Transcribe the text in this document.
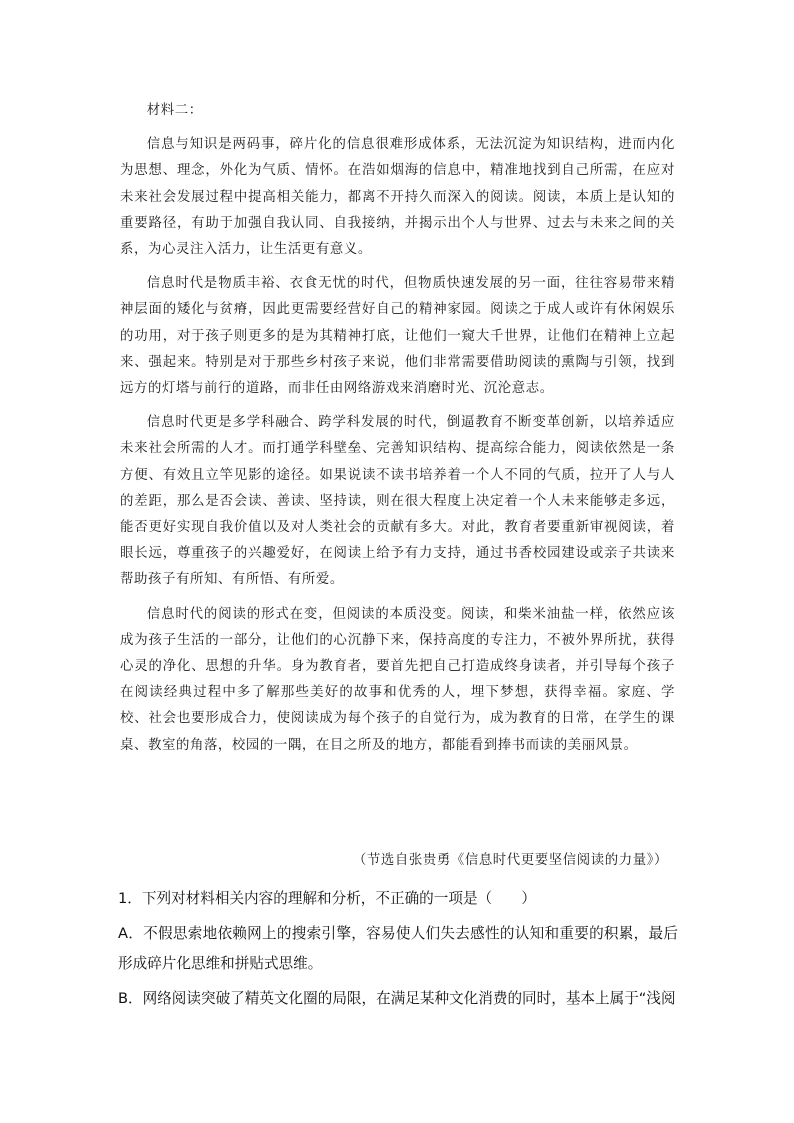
材料二：

信息与知识是两码事，碎片化的信息很难形成体系，无法沉淀为知识结构，进而内化为思想、理念，外化为气质、情怀。在浩如烟海的信息中，精准地找到自己所需，在应对未来社会发展过程中提高相关能力，都离不开持久而深入的阅读。阅读，本质上是认知的重要路径，有助于加强自我认同、自我接纳，并揭示出个人与世界、过去与未来之间的关系，为心灵注入活力，让生活更有意义。

信息时代是物质丰裕、衣食无忧的时代，但物质快速发展的另一面，往往容易带来精神层面的矮化与贫瘠，因此更需要经营好自己的精神家园。阅读之于成人或许有休闲娱乐的功用，对于孩子则更多的是为其精神打底，让他们一窥大千世界，让他们在精神上立起来、强起来。特别是对于那些乡村孩子来说，他们非常需要借助阅读的熏陶与引领，找到远方的灯塔与前行的道路，而非任由网络游戏来消磨时光、沉沦意志。

信息时代更是多学科融合、跨学科发展的时代，倒逼教育不断变革创新，以培养适应未来社会所需的人才。而打通学科壁垒、完善知识结构、提高综合能力，阅读依然是一条方便、有效且立竿见影的途径。如果说读不读书培养着一个人不同的气质，拉开了人与人的差距，那么是否会读、善读、坚持读，则在很大程度上决定着一个人未来能够走多远，能否更好实现自我价值以及对人类社会的贡献有多大。对此，教育者要重新审视阅读，着眼长远，尊重孩子的兴趣爱好，在阅读上给予有力支持，通过书香校园建设或亲子共读来帮助孩子有所知、有所悟、有所爱。

信息时代的阅读的形式在变，但阅读的本质没变。阅读，和柴米油盐一样，依然应该成为孩子生活的一部分，让他们的心沉静下来，保持高度的专注力，不被外界所扰，获得心灵的净化、思想的升华。身为教育者，要首先把自己打造成终身读者，并引导每个孩子在阅读经典过程中多了解那些美好的故事和优秀的人，埋下梦想，获得幸福。家庭、学校、社会也要形成合力，使阅读成为每个孩子的自觉行为，成为教育的日常，在学生的课桌、教室的角落，校园的一隅，在目之所及的地方，都能看到捧书而读的美丽风景。

（节选自张贵勇《信息时代更要坚信阅读的力量》）

1．下列对材料相关内容的理解和分析，不正确的一项是（　　）

A．不假思索地依赖网上的搜索引擎，容易使人们失去感性的认知和重要的积累，最后形成碎片化思维和拼贴式思维。

B．网络阅读突破了精英文化圈的局限，在满足某种文化消费的同时，基本上属于“浅阅
